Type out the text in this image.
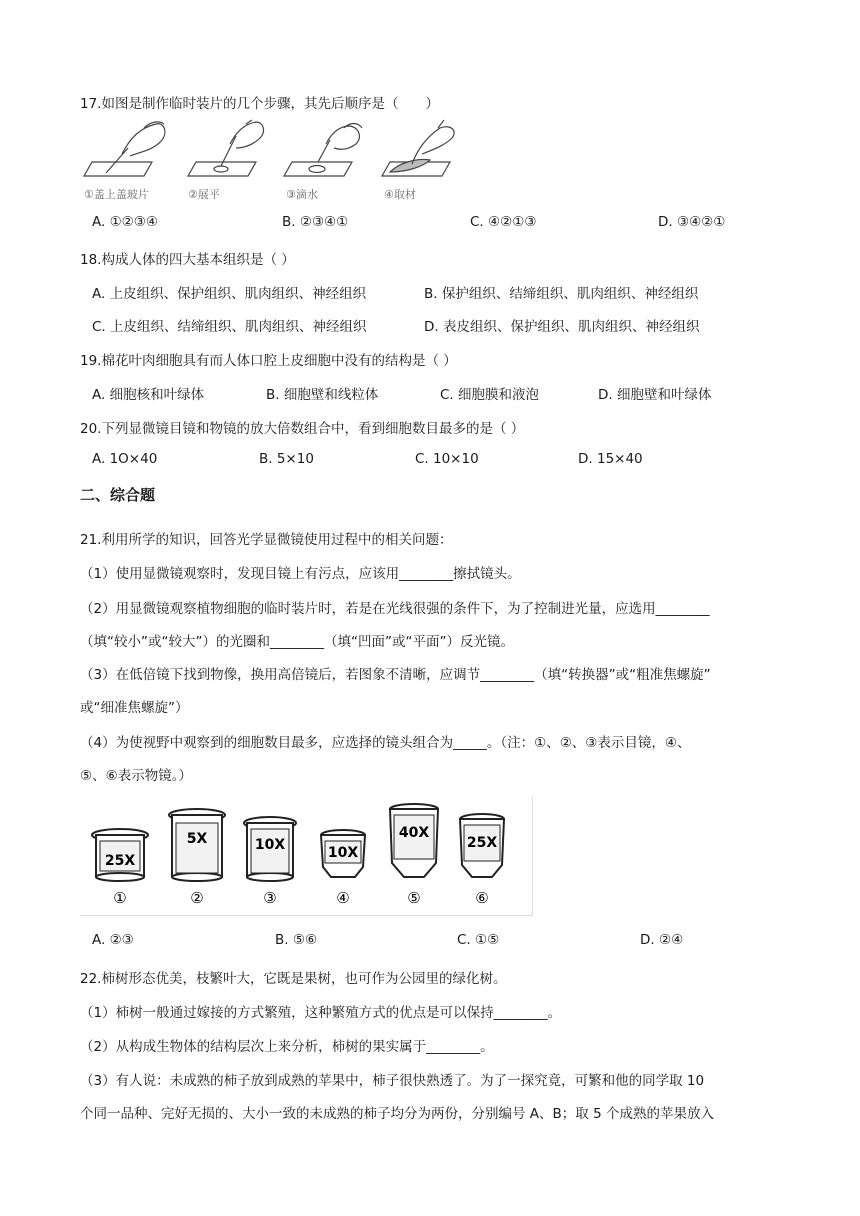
17.如图是制作临时装片的几个步骤，其先后顺序是（　　）
①盖上盖玻片	②展平	③滴水	④取材
A. ①②③④	B. ②③④①	C. ④②①③	D. ③④②①
18.构成人体的四大基本组织是（ ）
A. 上皮组织、保护组织、肌肉组织、神经组织	B. 保护组织、结缔组织、肌肉组织、神经组织
C. 上皮组织、结缔组织、肌肉组织、神经组织	D. 表皮组织、保护组织、肌肉组织、神经组织
19.棉花叶肉细胞具有而人体口腔上皮细胞中没有的结构是（ ）
A. 细胞核和叶绿体	B. 细胞壁和线粒体	C. 细胞膜和液泡	D. 细胞壁和叶绿体
20.下列显微镜目镜和物镜的放大倍数组合中，看到细胞数目最多的是（ ）
A. 1O×40	B. 5×10	C. 10×10	D. 15×40
二、综合题
21.利用所学的知识，回答光学显微镜使用过程中的相关问题：
（1）使用显微镜观察时，发现目镜上有污点，应该用________擦拭镜头。
（2）用显微镜观察植物细胞的临时装片时，若是在光线很强的条件下，为了控制进光量，应选用________
（填“较小”或“较大”）的光圈和________（填“凹面”或“平面”）反光镜。
（3）在低倍镜下找到物像，换用高倍镜后，若图象不清晰，应调节________（填“转换器”或“粗准焦螺旋”
或“细准焦螺旋”）
（4）为使视野中观察到的细胞数目最多，应选择的镜头组合为_____。（注：①、②、③表示目镜，④、
⑤、⑥表示物镜。）
25X
①
5X
②
10X
③
10X
④
40X
⑤
25X
⑥
A. ②③	B. ⑤⑥	C. ①⑤	D. ②④
22.柿树形态优美，枝繁叶大，它既是果树，也可作为公园里的绿化树。
（1）柿树一般通过嫁接的方式繁殖，这种繁殖方式的优点是可以保持________。
（2）从构成生物体的结构层次上来分析，柿树的果实属于________。
（3）有人说：未成熟的柿子放到成熟的苹果中，柿子很快熟透了。为了一探究竟，可繁和他的同学取 10
个同一品种、完好无损的、大小一致的未成熟的柿子均分为两份，分别编号 A、B；取 5 个成熟的苹果放入
